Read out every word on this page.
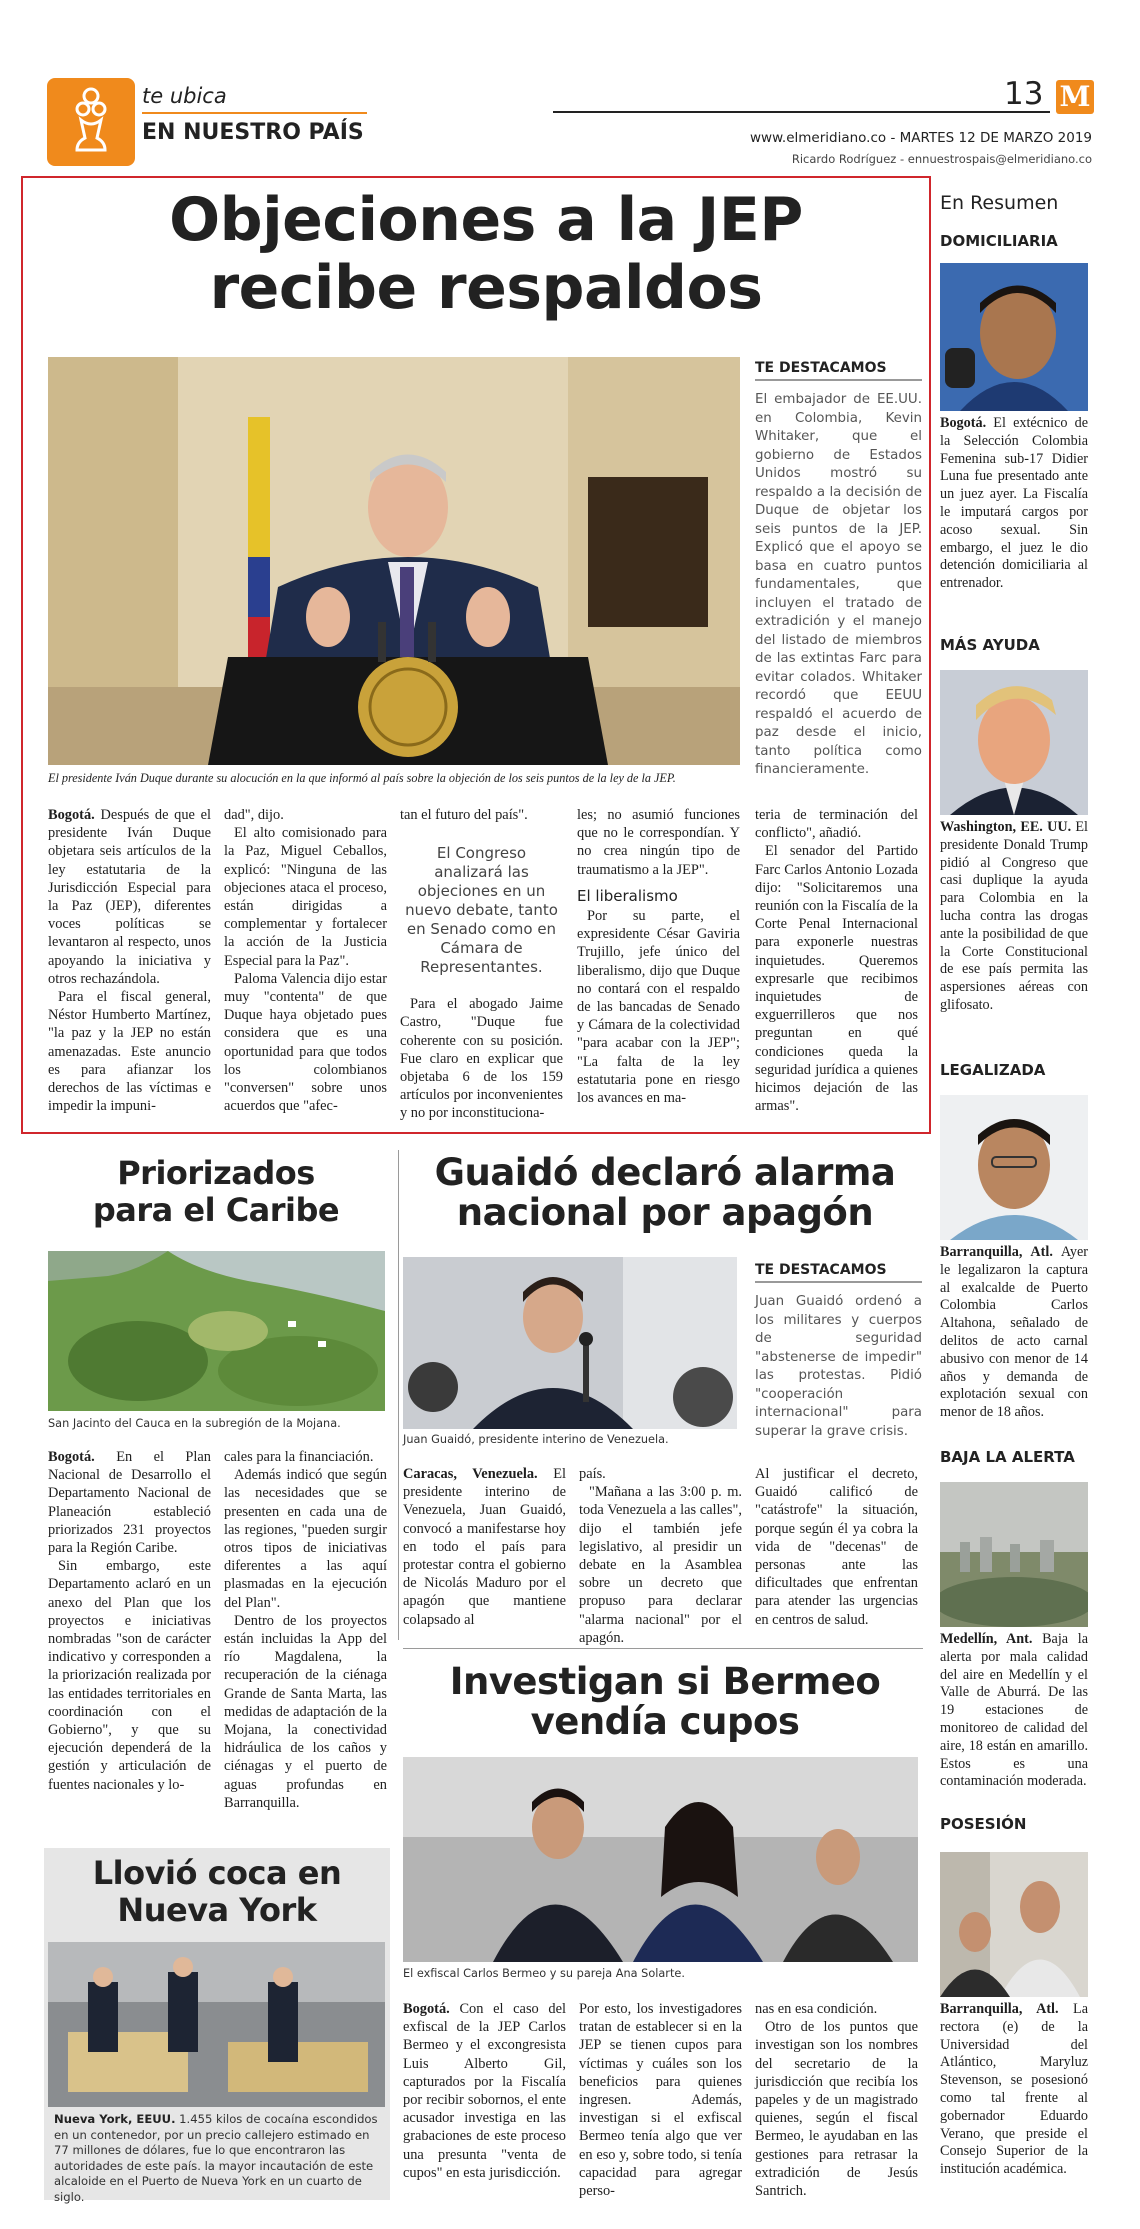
te ubica
EN NUESTRO PAÍS
13 M
www.elmeridiano.co - MARTES 12 DE MARZO 2019
Ricardo Rodríguez - ennuestrospais@elmeridiano.co
Objeciones a la JEP
recibe respaldos
El presidente Iván Duque durante su alocución en la que informó al país sobre la objeción de los seis puntos de la ley de la JEP.
TE DESTACAMOS
El embajador de EE.UU. en Colombia, Kevin Whitaker, que el gobierno de Estados Unidos mostró su respaldo a la decisión de Duque de objetar los seis puntos de la JEP. Explicó que el apoyo se basa en cuatro puntos fundamentales, que incluyen el tratado de extradición y el manejo del listado de miembros de las extintas Farc para evitar colados. Whitaker recordó que EEUU respaldó el acuerdo de paz desde el inicio, tanto política como financieramente.

Bogotá. Después de que el presidente Iván Duque objetara seis artículos de la ley estatutaria de la Jurisdicción Especial para la Paz (JEP), diferentes voces políticas se levantaron al respecto, unos apoyando la iniciativa y otros rechazándola.

Para el fiscal general, Néstor Humberto Martínez, "la paz y la JEP no están amenazadas. Este anuncio es para afianzar los derechos de las víctimas e impedir la impuni-

dad", dijo.

El alto comisionado para la Paz, Miguel Ceballos, explicó: "Ninguna de las objeciones ataca el proceso, están dirigidas a complementar y fortalecer la acción de la Justicia Especial para la Paz".

Paloma Valencia dijo estar muy "contenta" de que Duque haya objetado pues considera que es una oportunidad para que todos los colombianos "conversen" sobre unos acuerdos que "afec-

tan el futuro del país".

El Congreso analizará las objeciones en un nuevo debate, tanto en Senado como en Cámara de Representantes.

Para el abogado Jaime Castro, "Duque fue coherente con su posición. Fue claro en explicar que objetaba 6 de los 159 artículos por inconvenientes y no por inconstituciona-

les; no asumió funciones que no le correspondían. Y no crea ningún tipo de traumatismo a la JEP".

El liberalismo

Por su parte, el expresidente César Gaviria Trujillo, jefe único del liberalismo, dijo que Duque no contará con el respaldo de las bancadas de Senado y Cámara de la colectividad "para acabar con la JEP"; "La falta de la ley estatutaria pone en riesgo los avances en ma-

teria de terminación del conflicto", añadió.

El senador del Partido Farc Carlos Antonio Lozada dijo: "Solicitaremos una reunión con la Fiscalía de la Corte Penal Internacional para exponerle nuestras inquietudes. Queremos expresarle que recibimos inquietudes de exguerrilleros que nos preguntan en qué condiciones queda la seguridad jurídica a quienes hicimos dejación de las armas".

Priorizados
para el Caribe
San Jacinto del Cauca en la subregión de la Mojana.

Bogotá. En el Plan Nacional de Desarrollo el Departamento Nacional de Planeación estableció priorizados 231 proyectos para la Región Caribe.

Sin embargo, este Departamento aclaró en un anexo del Plan que los proyectos e iniciativas nombradas "son de carácter indicativo y corresponden a la priorización realizada por las entidades territoriales en coordinación con el Gobierno", y que su ejecución dependerá de la gestión y articulación de fuentes nacionales y lo-

cales para la financiación.

Además indicó que según las necesidades que se presenten en cada una de las regiones, "pueden surgir otros tipos de iniciativas diferentes a las aquí plasmadas en la ejecución del Plan".

Dentro de los proyectos están incluidas la App del río Magdalena, la recuperación de la ciénaga Grande de Santa Marta, las medidas de adaptación de la Mojana, la conectividad hidráulica de los caños y ciénagas y el puerto de aguas profundas en Barranquilla.

Llovió coca en
Nueva York
Nueva York, EEUU. 1.455 kilos de cocaína escondidos en un contenedor, por un precio callejero estimado en 77 millones de dólares, fue lo que encontraron las autoridades de este país. la mayor incautación de este alcaloide en el Puerto de Nueva York en un cuarto de siglo.
Guaidó declaró alarma
nacional por apagón
Juan Guaidó, presidente interino de Venezuela.
TE DESTACAMOS
Juan Guaidó ordenó a los militares y cuerpos de seguridad "abstenerse de impedir" las protestas. Pidió "cooperación internacional" para superar la grave crisis.

Caracas, Venezuela. El presidente interino de Venezuela, Juan Guaidó, convocó a manifestarse hoy en todo el país para protestar contra el gobierno de Nicolás Maduro por el apagón que mantiene colapsado al

país.

"Mañana a las 3:00 p. m. toda Venezuela a las calles", dijo el también jefe legislativo, al presidir un debate en la Asamblea sobre un decreto que propuso para declarar "alarma nacional" por el apagón.

Al justificar el decreto, Guaidó calificó de "catástrofe" la situación, porque según él ya cobra la vida de "decenas" de personas ante las dificultades que enfrentan para atender las urgencias en centros de salud.

Investigan si Bermeo
vendía cupos
El exfiscal Carlos Bermeo y su pareja Ana Solarte.

Bogotá. Con el caso del exfiscal de la JEP Carlos Bermeo y el excongresista Luis Alberto Gil, capturados por la Fiscalía por recibir sobornos, el ente acusador investiga en las grabaciones de este proceso una presunta "venta de cupos" en esta jurisdicción.

Por esto, los investigadores tratan de establecer si en la JEP se tienen cupos para víctimas y cuáles son los beneficios para quienes ingresen. Además, investigan si el exfiscal Bermeo tenía algo que ver en eso y, sobre todo, si tenía capacidad para agregar perso-

nas en esa condición.

Otro de los puntos que investigan son los nombres del secretario de la jurisdicción que recibía los papeles y de un magistrado quienes, según el fiscal Bermeo, le ayudaban en las gestiones para retrasar la extradición de Jesús Santrich.

En Resumen
DOMICILIARIA
Bogotá. El extécnico de la Selección Colombia Femenina sub-17 Didier Luna fue presentado ante un juez ayer. La Fiscalía le imputará cargos por acoso sexual. Sin embargo, el juez le dio detención domiciliaria al entrenador.
MÁS AYUDA
Washington, EE. UU. El presidente Donald Trump pidió al Congreso que casi duplique la ayuda para Colombia en la lucha contra las drogas ante la posibilidad de que la Corte Constitucional de ese país permita las aspersiones aéreas con glifosato.
LEGALIZADA
Barranquilla, Atl. Ayer le legalizaron la captura al exalcalde de Puerto Colombia Carlos Altahona, señalado de delitos de acto carnal abusivo con menor de 14 años y demanda de explotación sexual con menor de 18 años.
BAJA LA ALERTA
Medellín, Ant. Baja la alerta por mala calidad del aire en Medellín y el Valle de Aburrá. De las 19 estaciones de monitoreo de calidad del aire, 18 están en amarillo. Estos es una contaminación moderada.
POSESIÓN
Barranquilla, Atl. La rectora (e) de la Universidad del Atlántico, Maryluz Stevenson, se posesionó como tal frente al gobernador Eduardo Verano, que preside el Consejo Superior de la institución académica.
